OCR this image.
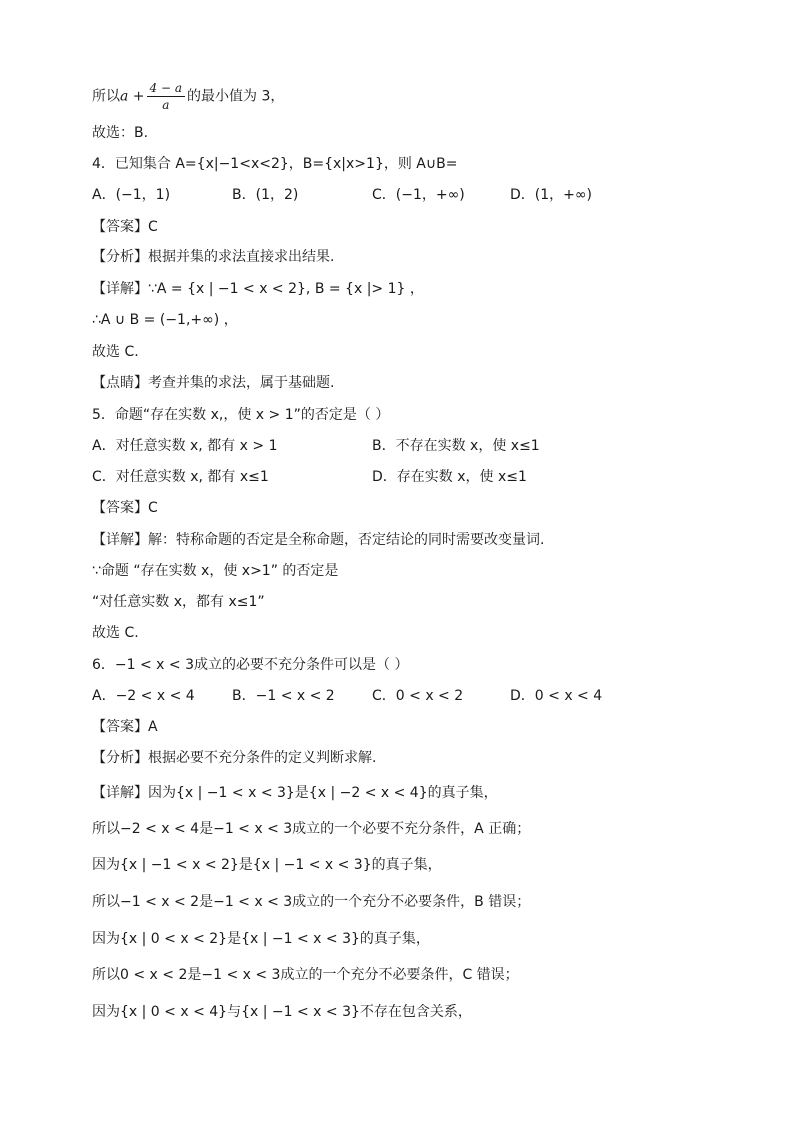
所以$a + \frac{4 - a}{a}$ 的最小值为 3，
故选：B.
4．已知集合 A={x|−1<x<2}，B={x|x>1}，则 A∪B=
A．(−1，1)	B．(1，2)	C．(−1，+∞)	D．(1，+∞)
【答案】C
【分析】根据并集的求法直接求出结果.
【详解】∵A = {x | −1 < x < 2}, B = {x |> 1} ，
∴A ∪ B = (−1,+∞) ，
故选 C.
【点睛】考查并集的求法，属于基础题.
5．命题“存在实数 x,，使 x > 1”的否定是（ ）
A．对任意实数 x, 都有 x > 1	B．不存在实数 x，使 x≤1
C．对任意实数 x, 都有 x≤1	D．存在实数 x，使 x≤1
【答案】C
【详解】解：特称命题的否定是全称命题，否定结论的同时需要改变量词.
∵命题 “存在实数 x，使 x>1” 的否定是
“对任意实数 x，都有 x≤1”
故选 C.
6．−1 < x < 3成立的必要不充分条件可以是（ ）
A．−2 < x < 4	B．−1 < x < 2	C．0 < x < 2	D．0 < x < 4
【答案】A
【分析】根据必要不充分条件的定义判断求解.
【详解】因为{x | −1 < x < 3}是{x | −2 < x < 4}的真子集，
所以−2 < x < 4是−1 < x < 3成立的一个必要不充分条件，A 正确；
因为{x | −1 < x < 2}是{x | −1 < x < 3}的真子集，
所以−1 < x < 2是−1 < x < 3成立的一个充分不必要条件，B 错误；
因为{x | 0 < x < 2}是{x | −1 < x < 3}的真子集，
所以0 < x < 2是−1 < x < 3成立的一个充分不必要条件，C 错误；
因为{x | 0 < x < 4}与{x | −1 < x < 3}不存在包含关系，
